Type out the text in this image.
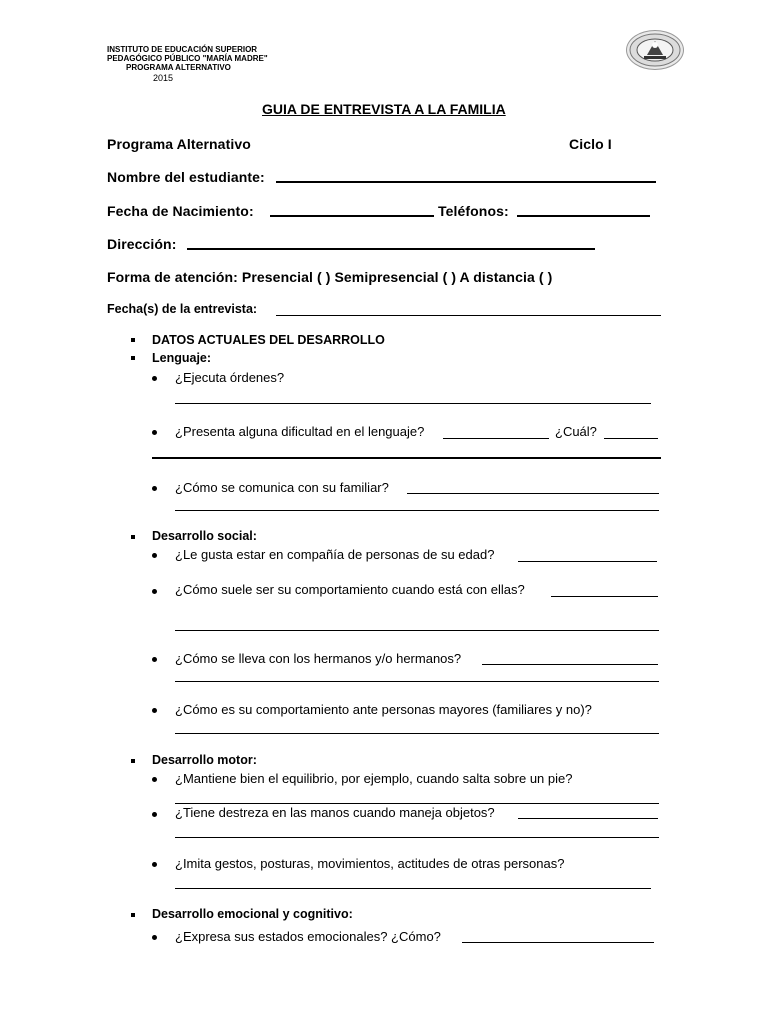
INSTITUTO DE EDUCACIÓN SUPERIOR
PEDAGÓGICO PÚBLICO "MARÍA MADRE"
PROGRAMA ALTERNATIVO
2015
GUIA DE ENTREVISTA A LA FAMILIA
Programa Alternativo	Ciclo I
Nombre del estudiante:
Fecha de Nacimiento:	Teléfonos:
Dirección:
Forma de atención: Presencial ( ) Semipresencial ( ) A distancia ( )
Fecha(s) de la entrevista:
DATOS ACTUALES DEL DESARROLLO
Lenguaje:
¿Ejecuta órdenes?
¿Presenta alguna dificultad en el lenguaje?	¿Cuál?
¿Cómo se comunica con su familiar?
Desarrollo social:
¿Le gusta estar en compañía de personas de su edad?
¿Cómo suele ser su comportamiento cuando está con ellas?
¿Cómo se lleva con los hermanos y/o hermanos?
¿Cómo es su comportamiento ante personas mayores (familiares y no)?
Desarrollo motor:
¿Mantiene bien el equilibrio, por ejemplo, cuando salta sobre un pie?
¿Tiene destreza en las manos cuando maneja objetos?
¿Imita gestos, posturas, movimientos, actitudes de otras personas?
Desarrollo emocional y cognitivo:
¿Expresa sus estados emocionales? ¿Cómo?
